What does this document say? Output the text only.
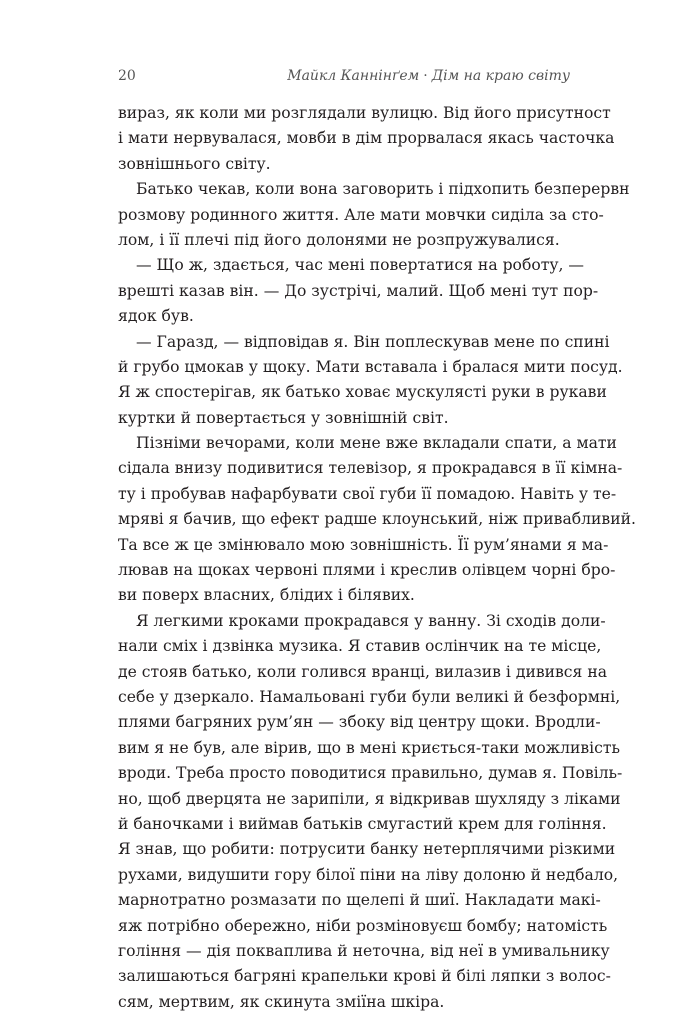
20	Майкл Каннінґем · Дім на краю світу
вираз, як коли ми розглядали вулицю. Від його присутност
і мати нервувалася, мовби в дім прорвалася якась часточка
зовнішнього світу.
Батько чекав, коли вона заговорить і підхопить безперервн
розмову родинного життя. Але мати мовчки сиділа за сто-
лом, і її плечі під його долонями не розпружувалися.
— Що ж, здається, час мені повертатися на роботу, —
врешті казав він. — До зустрічі, малий. Щоб мені тут пор-
ядок був.
— Гаразд, — відповідав я. Він поплескував мене по спині
й грубо цмокав у щоку. Мати вставала і бралася мити посуд.
Я ж спостерігав, як батько ховає мускулясті руки в рукави
куртки й повертається у зовнішній світ.
Пізніми вечорами, коли мене вже вкладали спати, а мати
сідала внизу подивитися телевізор, я прокрадався в її кімна-
ту і пробував нафарбувати свої губи її помадою. Навіть у те-
мряві я бачив, що ефект радше клоунський, ніж привабливий.
Та все ж це змінювало мою зовнішність. Її рум’янами я ма-
лював на щоках червоні плями і креслив олівцем чорні бро-
ви поверх власних, блідих і білявих.
Я легкими кроками прокрадався у ванну. Зі сходів доли-
нали сміх і дзвінка музика. Я ставив ослінчик на те місце,
де стояв батько, коли голився вранці, вилазив і дивився на
себе у дзеркало. Намальовані губи були великі й безформні,
плями багряних рум’ян — збоку від центру щоки. Вродли-
вим я не був, але вірив, що в мені криється-таки можливість
вроди. Треба просто поводитися правильно, думав я. Повіль-
но, щоб дверцята не зарипіли, я відкривав шухляду з ліками
й баночками і виймав батьків смугастий крем для гоління.
Я знав, що робити: потрусити банку нетерплячими різкими
рухами, видушити гору білої піни на ліву долоню й недбало,
марнотратно розмазати по щелепі й шиї. Накладати макі-
яж потрібно обережно, ніби розміновуєш бомбу; натомість
гоління — дія покваплива й неточна, від неї в умивальнику
залишаються багряні крапельки крові й білі ляпки з волос-
сям, мертвим, як скинута зміїна шкіра.
